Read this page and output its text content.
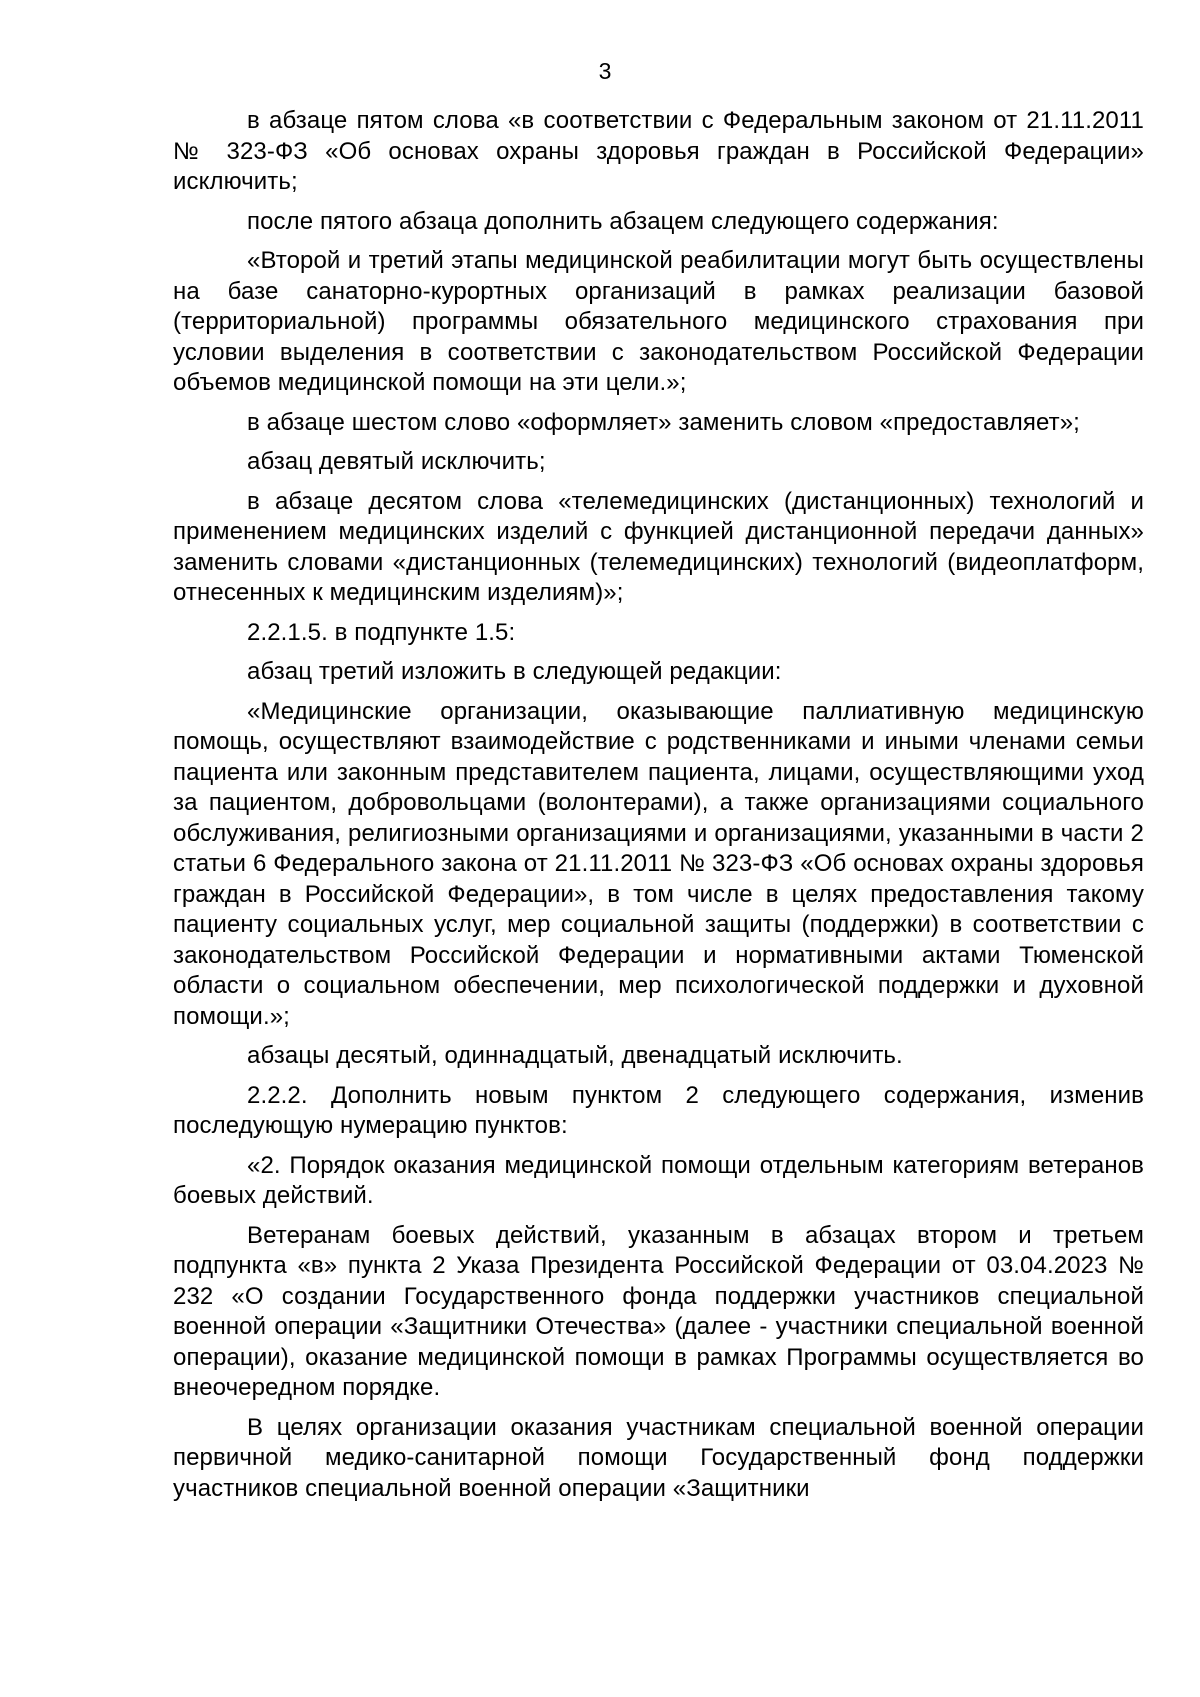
3

в абзаце пятом слова «в соответствии с Федеральным законом от 21.11.2011 № 323-ФЗ «Об основах охраны здоровья граждан в Российской Федерации» исключить;

после пятого абзаца дополнить абзацем следующего содержания:

«Второй и третий этапы медицинской реабилитации могут быть осуществлены на базе санаторно-курортных организаций в рамках реализации базовой (территориальной) программы обязательного медицинского страхования при условии выделения в соответствии с законодательством Российской Федерации объемов медицинской помощи на эти цели.»;

в абзаце шестом слово «оформляет» заменить словом «предоставляет»;

абзац девятый исключить;

в абзаце десятом слова «телемедицинских (дистанционных) технологий и применением медицинских изделий с функцией дистанционной передачи данных» заменить словами «дистанционных (телемедицинских) технологий (видеоплатформ, отнесенных к медицинским изделиям)»;

2.2.1.5. в подпункте 1.5:

абзац третий изложить в следующей редакции:

«Медицинские организации, оказывающие паллиативную медицинскую помощь, осуществляют взаимодействие с родственниками и иными членами семьи пациента или законным представителем пациента, лицами, осуществляющими уход за пациентом, добровольцами (волонтерами), а также организациями социального обслуживания, религиозными организациями и организациями, указанными в части 2 статьи 6 Федерального закона от 21.11.2011 № 323-ФЗ «Об основах охраны здоровья граждан в Российской Федерации», в том числе в целях предоставления такому пациенту социальных услуг, мер социальной защиты (поддержки) в соответствии с законодательством Российской Федерации и нормативными актами Тюменской области о социальном обеспечении, мер психологической поддержки и духовной помощи.»;

абзацы десятый, одиннадцатый, двенадцатый исключить.

2.2.2. Дополнить новым пунктом 2 следующего содержания, изменив последующую нумерацию пунктов:

«2. Порядок оказания медицинской помощи отдельным категориям ветеранов боевых действий.

Ветеранам боевых действий, указанным в абзацах втором и третьем подпункта «в» пункта 2 Указа Президента Российской Федерации от 03.04.2023 № 232 «О создании Государственного фонда поддержки участников специальной военной операции «Защитники Отечества» (далее - участники специальной военной операции), оказание медицинской помощи в рамках Программы осуществляется во внеочередном порядке.

В целях организации оказания участникам специальной военной операции первичной медико-санитарной помощи Государственный фонд поддержки участников специальной военной операции «Защитники
